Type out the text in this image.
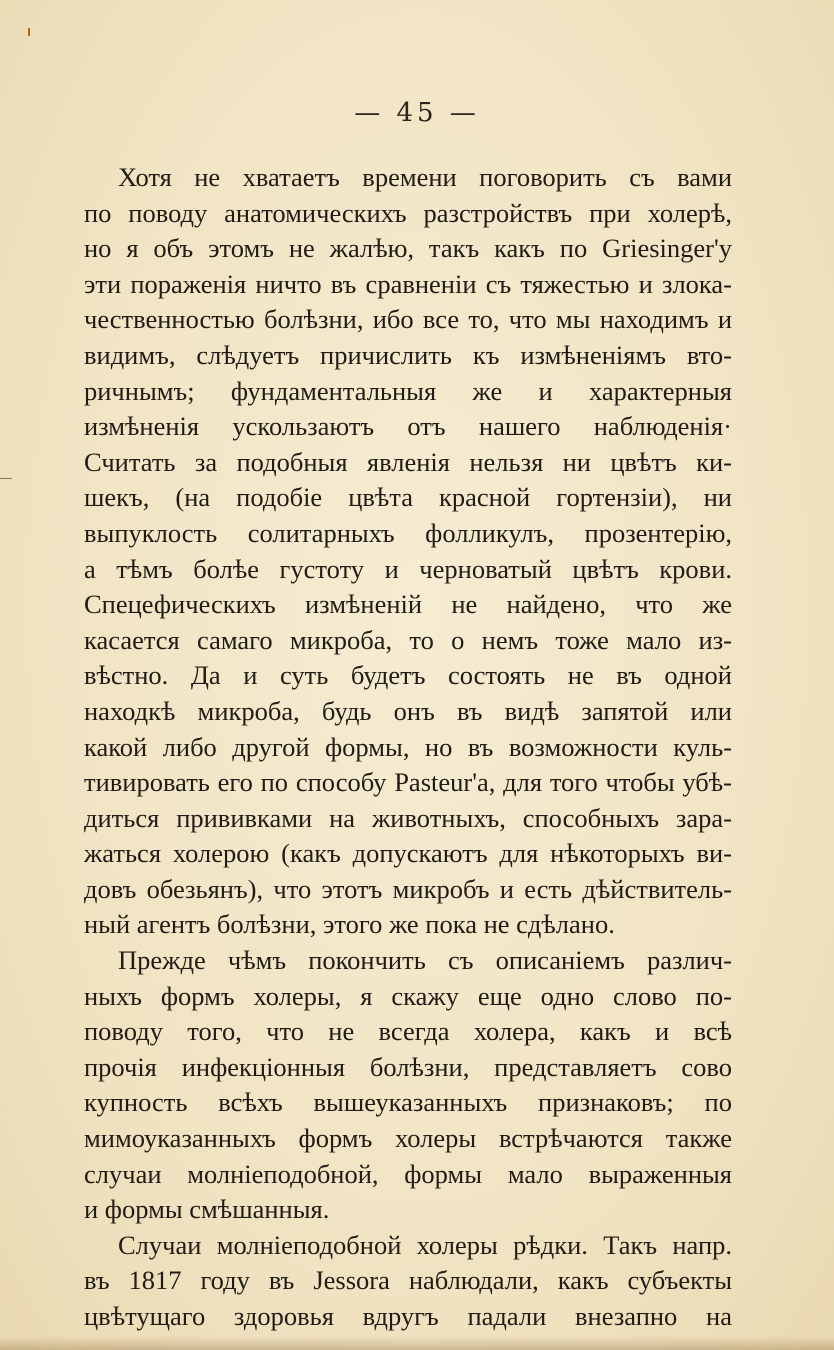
— 45 —
Хотя не хватаетъ времени поговорить съ вами
по поводу анатомическихъ разстройствъ при холерѣ,
но я объ этомъ не жалѣю, такъ какъ по Griesinger'у
эти пораженія ничто въ сравненіи съ тяжестью и злока-
чественностью болѣзни, ибо все то, что мы находимъ и
видимъ, слѣдуетъ причислить къ измѣненіямъ вто-
ричнымъ; фундаментальныя же и характерныя
измѣненія ускользаютъ отъ нашего наблюденія·
Считать за подобныя явленія нельзя ни цвѣтъ ки-
шекъ, (на подобіе цвѣта красной гортензіи), ни
выпуклость солитарныхъ фолликулъ, прозентерію,
а тѣмъ болѣе густоту и черноватый цвѣтъ крови.
Спецефическихъ измѣненій не найдено, что же
касается самаго микроба, то о немъ тоже мало из-
вѣстно. Да и суть будетъ состоять не въ одной
находкѣ микроба, будь онъ въ видѣ запятой или
какой либо другой формы, но въ возможности куль-
тивировать его по способу Pasteur'a, для того чтобы убѣ-
диться прививками на животныхъ, способныхъ зара-
жаться холерою (какъ допускаютъ для нѣкоторыхъ ви-
довъ обезьянъ), что этотъ микробъ и есть дѣйствитель-
ный агентъ болѣзни, этого же пока не сдѣлано.
Прежде чѣмъ покончить съ описаніемъ различ-
ныхъ формъ холеры, я скажу еще одно слово по-
поводу того, что не всегда холера, какъ и всѣ
прочія инфекціонныя болѣзни, представляетъ сово
купность всѣхъ вышеуказанныхъ признаковъ; по
мимоуказанныхъ формъ холеры встрѣчаются также
случаи молніеподобной, формы мало выраженныя
и формы смѣшанныя.
Случаи молніеподобной холеры рѣдки. Такъ напр.
въ 1817 году въ Jessora наблюдали, какъ субъекты
цвѣтущаго здоровья вдругъ падали внезапно на
